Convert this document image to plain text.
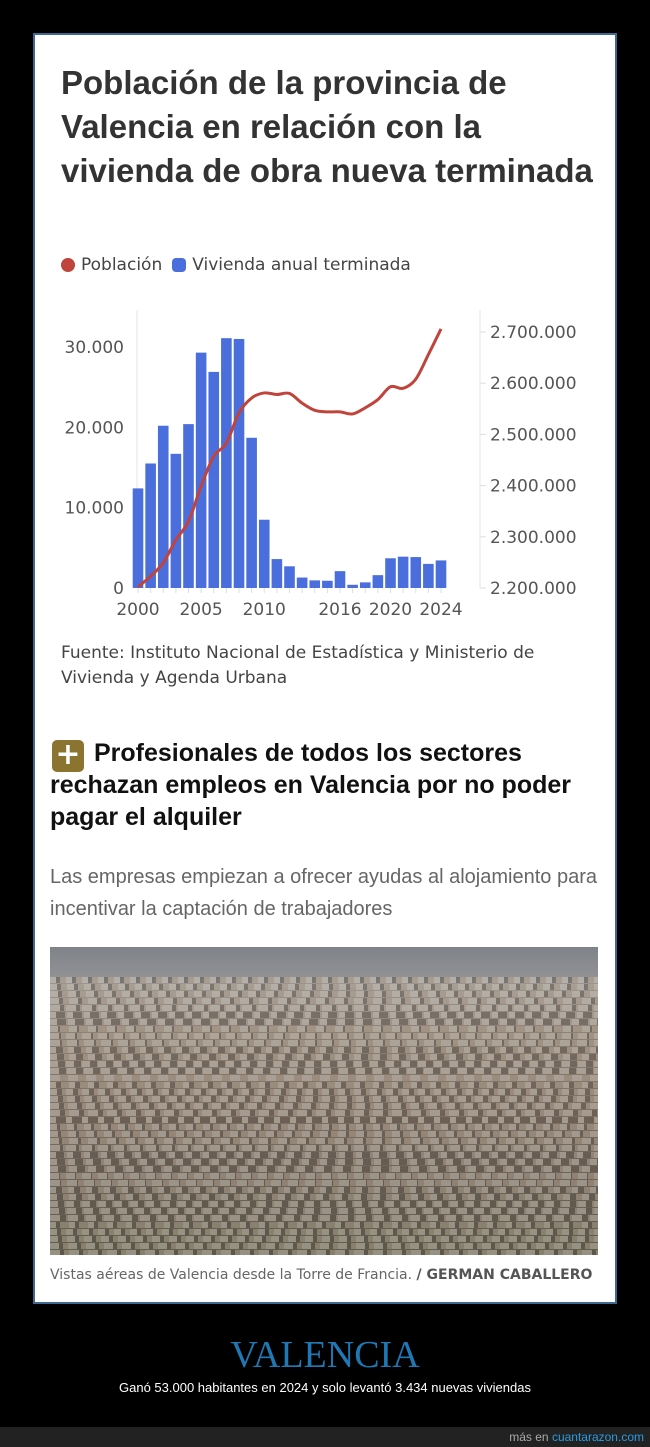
Población de la provincia de Valencia en relación con la vivienda de obra nueva terminada
Población Vivienda anual terminada
0
10.000
20.000
30.000
2.200.000
2.300.000
2.400.000
2.500.000
2.600.000
2.700.000
2000 2005 2010 2016 2020 2024
Fuente: Instituto Nacional de Estadística y Ministerio de Vivienda y Agenda Urbana
+ Profesionales de todos los sectores rechazan empleos en Valencia por no poder pagar el alquiler
Las empresas empiezan a ofrecer ayudas al alojamiento para incentivar la captación de trabajadores
Vistas aéreas de Valencia desde la Torre de Francia. / GERMAN CABALLERO
VALENCIA
Ganó 53.000 habitantes en 2024 y solo levantó 3.434 nuevas viviendas
más en cuantarazon.com
